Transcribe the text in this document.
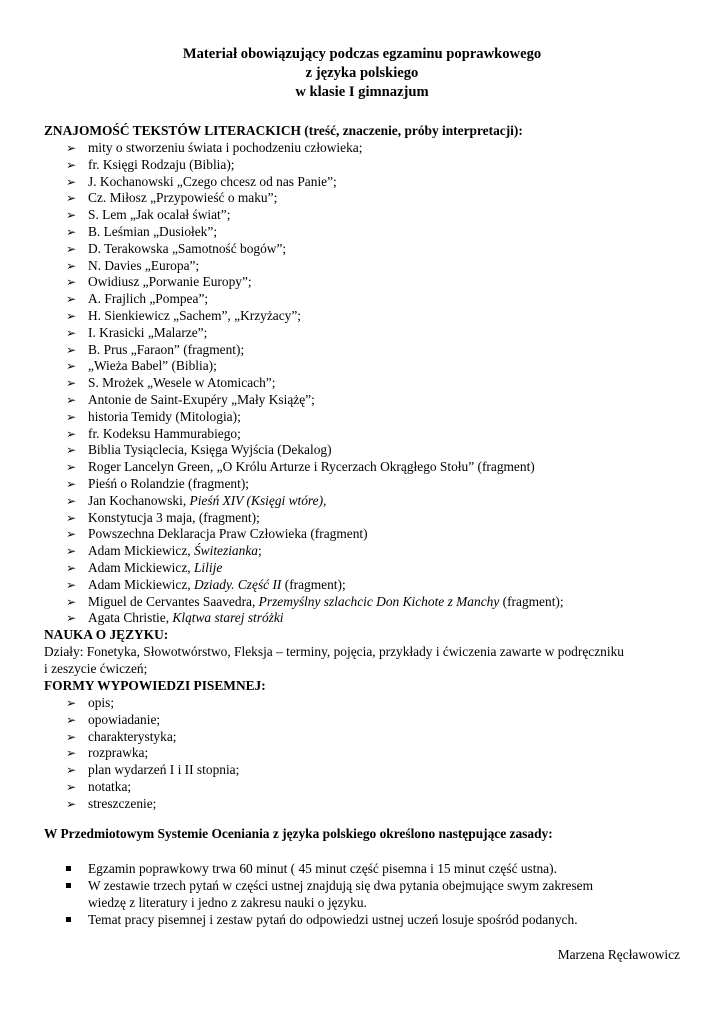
Materiał obowiązujący podczas egzaminu poprawkowego
z języka polskiego
w klasie I gimnazjum
ZNAJOMOŚĆ TEKSTÓW LITERACKICH (treść, znaczenie, próby interpretacji):
➢ mity o stworzeniu świata i pochodzeniu człowieka;
➢ fr. Księgi Rodzaju (Biblia);
➢ J. Kochanowski „Czego chcesz od nas Panie”;
➢ Cz. Miłosz „Przypowieść o maku”;
➢ S. Lem „Jak ocalał świat”;
➢ B. Leśmian „Dusiołek”;
➢ D. Terakowska „Samotność bogów”;
➢ N. Davies „Europa”;
➢ Owidiusz „Porwanie Europy”;
➢ A. Frajlich „Pompea”;
➢ H. Sienkiewicz „Sachem”, „Krzyżacy”;
➢ I. Krasicki „Malarze”;
➢ B. Prus „Faraon” (fragment);
➢ „Wieża Babel” (Biblia);
➢ S. Mrożek „Wesele w Atomicach”;
➢ Antonie de Saint-Exupéry „Mały Książę”;
➢ historia Temidy (Mitologia);
➢ fr. Kodeksu Hammurabiego;
➢ Biblia Tysiąclecia, Księga Wyjścia (Dekalog)
➢ Roger Lancelyn Green, „O Królu Arturze i Rycerzach Okrągłego Stołu” (fragment)
➢ Pieśń o Rolandzie (fragment);
➢ Jan Kochanowski, Pieśń XIV (Księgi wtóre),
➢ Konstytucja 3 maja, (fragment);
➢ Powszechna Deklaracja Praw Człowieka (fragment)
➢ Adam Mickiewicz, Świtezianka;
➢ Adam Mickiewicz, Lilije
➢ Adam Mickiewicz, Dziady. Część II (fragment);
➢ Miguel de Cervantes Saavedra, Przemyślny szlachcic Don Kichote z Manchy (fragment);
➢ Agata Christie, Klątwa starej stróżki
NAUKA O JĘZYKU:
Działy: Fonetyka, Słowotwórstwo, Fleksja – terminy, pojęcia, przykłady i ćwiczenia zawarte w podręczniku
i zeszycie ćwiczeń;
FORMY WYPOWIEDZI PISEMNEJ:
➢ opis;
➢ opowiadanie;
➢ charakterystyka;
➢ rozprawka;
➢ plan wydarzeń I i II stopnia;
➢ notatka;
➢ streszczenie;
W Przedmiotowym Systemie Oceniania z języka polskiego określono następujące zasady:
Egzamin poprawkowy trwa 60 minut ( 45 minut część pisemna i 15 minut część ustna).
W zestawie trzech pytań w części ustnej znajdują się dwa pytania obejmujące swym zakresem
wiedzę z literatury i jedno z zakresu nauki o języku.
Temat pracy pisemnej i zestaw pytań do odpowiedzi ustnej uczeń losuje spośród podanych.
Marzena Ręcławowicz
